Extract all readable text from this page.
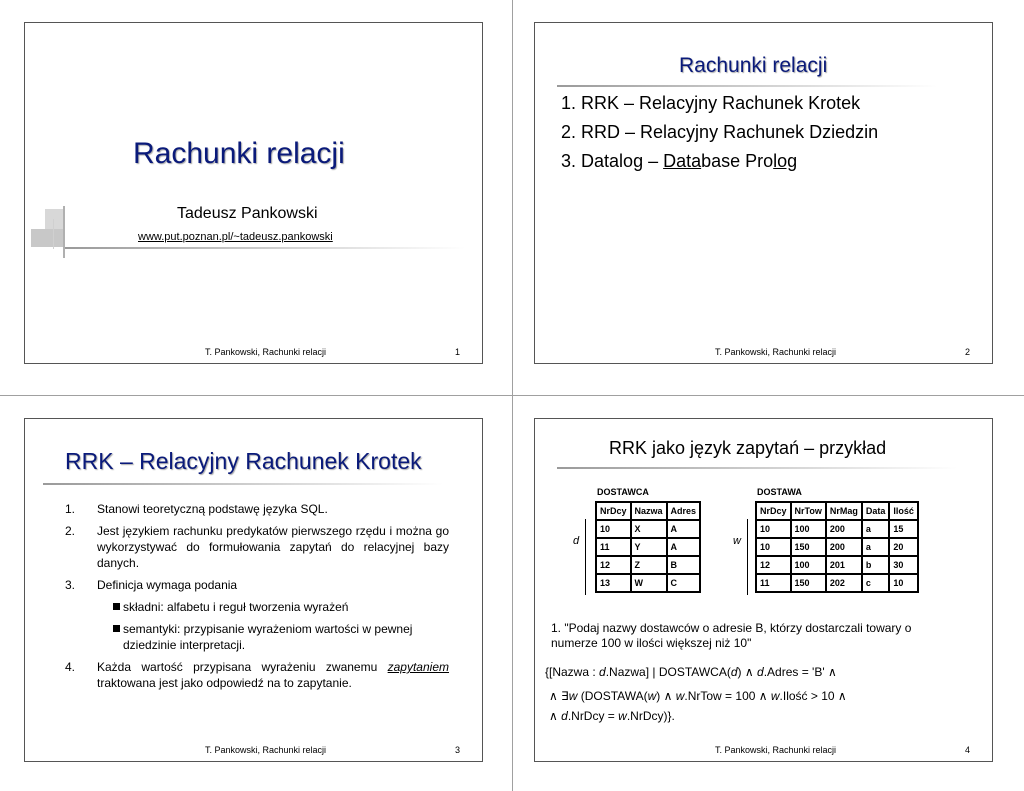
Rachunki relacji
Tadeusz Pankowski
www.put.poznan.pl/~tadeusz.pankowski
T. Pankowski, Rachunki relacji	1
Rachunki relacji
1. RRK – Relacyjny Rachunek Krotek
2. RRD – Relacyjny Rachunek Dziedzin
3. Datalog – Database Prolog
T. Pankowski, Rachunki relacji	2
RRK – Relacyjny Rachunek Krotek
1. Stanowi teoretyczną podstawę języka SQL.
2. Jest językiem rachunku predykatów pierwszego rzędu i można go wykorzystywać do formułowania zapytań do relacyjnej bazy danych.
3. Definicja wymaga podania
składni: alfabetu i reguł tworzenia wyrażeń
semantyki: przypisanie wyrażeniom wartości w pewnej dziedzinie interpretacji.
4. Każda wartość przypisana wyrażeniu zwanemu zapytaniem traktowana jest jako odpowiedź na to zapytanie.
T. Pankowski, Rachunki relacji	3
RRK jako język zapytań – przykład
DOSTAWCA
NrDcy	Nazwa	Adres
10	X	A
11	Y	A
12	Z	B
13	W	C
d
DOSTAWA
NrDcy	NrTow	NrMag	Data	Ilość
10	100	200	a	15
10	150	200	a	20
12	100	201	b	30
11	150	202	c	10
w
1. "Podaj nazwy dostawców o adresie B, którzy dostarczali towary o numerze 100 w ilości większej niż 10"
{[Nazwa : d.Nazwa] | DOSTAWCA(d) ∧ d.Adres = 'B' ∧
∧ ∃w (DOSTAWA(w) ∧ w.NrTow = 100 ∧ w.Ilość > 10 ∧
∧ d.NrDcy = w.NrDcy)}.
T. Pankowski, Rachunki relacji	4
